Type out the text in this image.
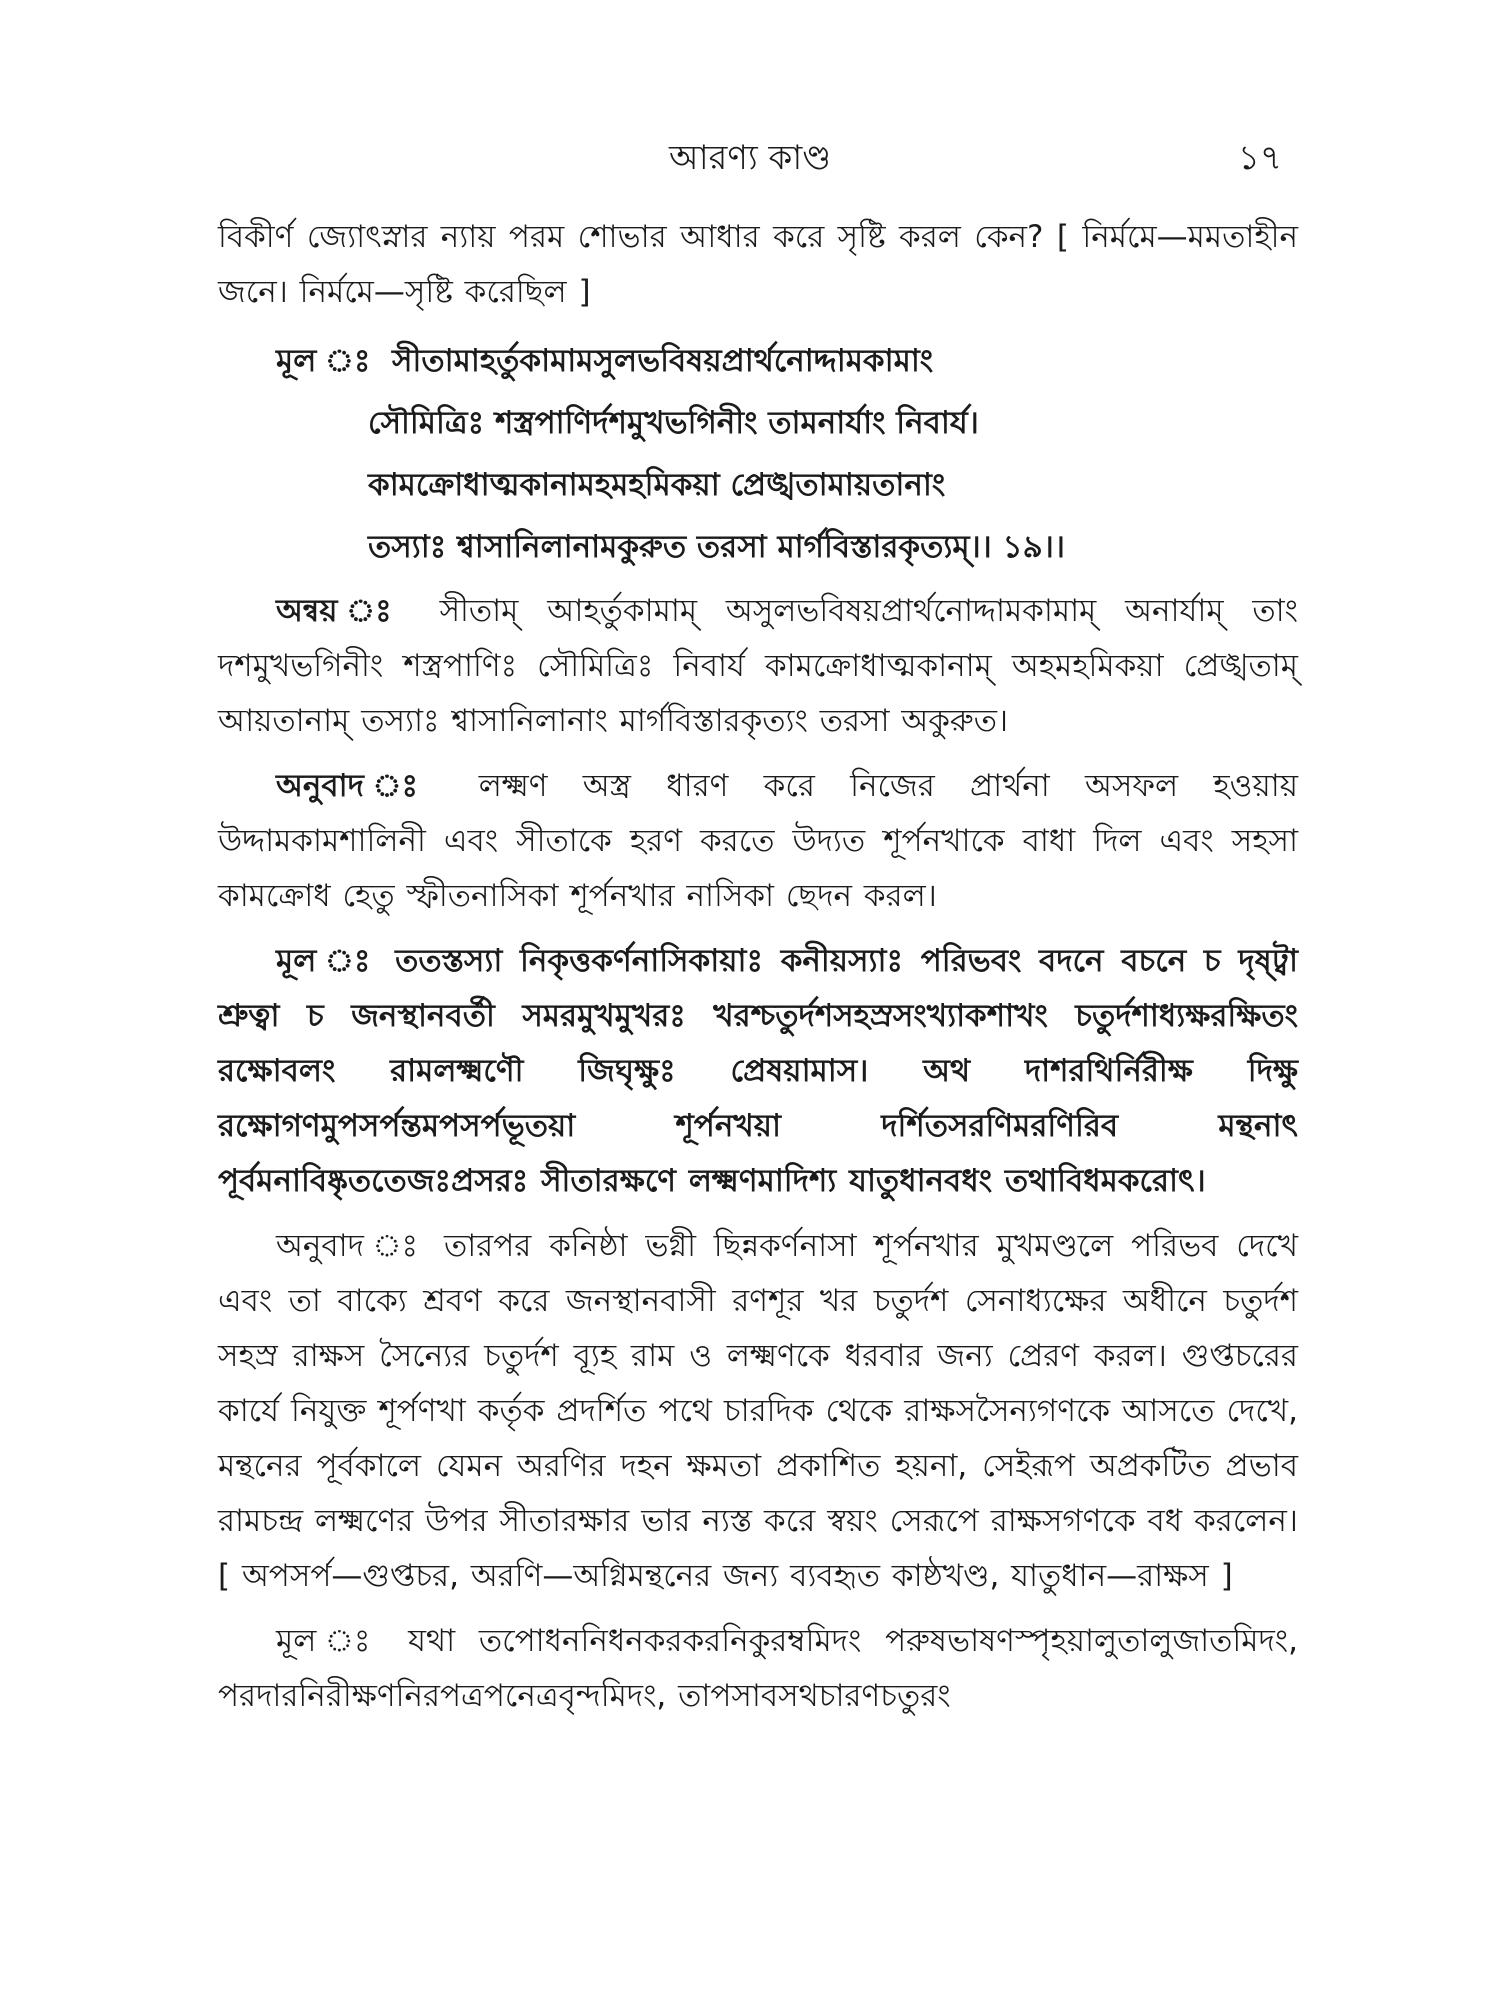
আরণ্য কাণ্ড	১৭

বিকীর্ণ জ্যোৎস্নার ন্যায় পরম শোভার আধার করে সৃষ্টি করল কেন? [ নির্মমে—মমতাহীন জনে। নির্মমে—সৃষ্টি করেছিল ]

মূল ঃ সীতামাহর্তুকামামসুলভবিষয়প্রার্থনোদ্দামকামাং
সৌমিত্রিঃ শস্ত্রপাণির্দশমুখভগিনীং তামনার্যাং নিবার্য।
কামক্রোধাত্মকানামহমহমিকয়া প্রেঙ্খতামায়তানাং
তস্যাঃ শ্বাসানিলানামকুরুত তরসা মার্গবিস্তারকৃত্যম্।। ১৯।।

অন্বয় ঃ সীতাম্ আহর্তুকামাম্ অসুলভবিষয়প্রার্থনোদ্দামকামাম্ অনার্যাম্ তাং দশমুখভগিনীং শস্ত্রপাণিঃ সৌমিত্রিঃ নিবার্য কামক্রোধাত্মকানাম্ অহমহমিকয়া প্রেঙ্খতাম্ আয়তানাম্ তস্যাঃ শ্বাসানিলানাং মার্গবিস্তারকৃত্যং তরসা অকুরুত।

অনুবাদ ঃ লক্ষ্মণ অস্ত্র ধারণ করে নিজের প্রার্থনা অসফল হওয়ায় উদ্দামকামশালিনী এবং সীতাকে হরণ করতে উদ্যত শূর্পনখাকে বাধা দিল এবং সহসা কামক্রোধ হেতু স্ফীতনাসিকা শূর্পনখার নাসিকা ছেদন করল।

মূল ঃ ততস্তস্যা নিকৃত্তকর্ণনাসিকায়াঃ কনীয়স্যাঃ পরিভবং বদনে বচনে চ দৃষ্ট্বা শ্রুত্বা চ জনস্থানবর্তী সমরমুখমুখরঃ খরশ্চতুর্দশসহস্রসংখ্যাকশাখং চতুর্দশাধ্যক্ষরক্ষিতং রক্ষোবলং রামলক্ষ্মণৌ জিঘৃক্ষুঃ প্রেষয়ামাস। অথ দাশরথির্নিরীক্ষ দিক্ষু রক্ষোগণমুপসর্পন্তমপসর্পভূতয়া শূর্পনখয়া দর্শিতসরণিমরণিরিব মন্থনাৎ পূর্বমনাবিষ্কৃততেজঃপ্রসরঃ সীতারক্ষণে লক্ষ্মণমাদিশ্য যাতুধানবধং তথাবিধমকরোৎ।

অনুবাদ ঃ তারপর কনিষ্ঠা ভগ্নী ছিন্নকর্ণনাসা শূর্পনখার মুখমণ্ডলে পরিভব দেখে এবং তা বাক্যে শ্রবণ করে জনস্থানবাসী রণশূর খর চতুর্দশ সেনাধ্যক্ষের অধীনে চতুর্দশ সহস্র রাক্ষস সৈন্যের চতুর্দশ ব্যূহ রাম ও লক্ষ্মণকে ধরবার জন্য প্রেরণ করল। গুপ্তচরের কার্যে নিযুক্ত শূর্পণখা কর্তৃক প্রদর্শিত পথে চারদিক থেকে রাক্ষসসৈন্যগণকে আসতে দেখে, মন্থনের পূর্বকালে যেমন অরণির দহন ক্ষমতা প্রকাশিত হয়না, সেইরূপ অপ্রকটিত প্রভাব রামচন্দ্র লক্ষ্মণের উপর সীতারক্ষার ভার ন্যস্ত করে স্বয়ং সেরূপে রাক্ষসগণকে বধ করলেন। [ অপসর্প—গুপ্তচর, অরণি—অগ্নিমন্থনের জন্য ব্যবহৃত কাষ্ঠখণ্ড, যাতুধান—রাক্ষস ]

মূল ঃ যথা তপোধননিধনকরকরনিকুরম্বমিদং পরুষভাষণস্পৃহয়ালুতালুজাতমিদং, পরদারনিরীক্ষণনিরপত্রপনেত্রবৃন্দমিদং, তাপসাবসথচারণচতুরং
